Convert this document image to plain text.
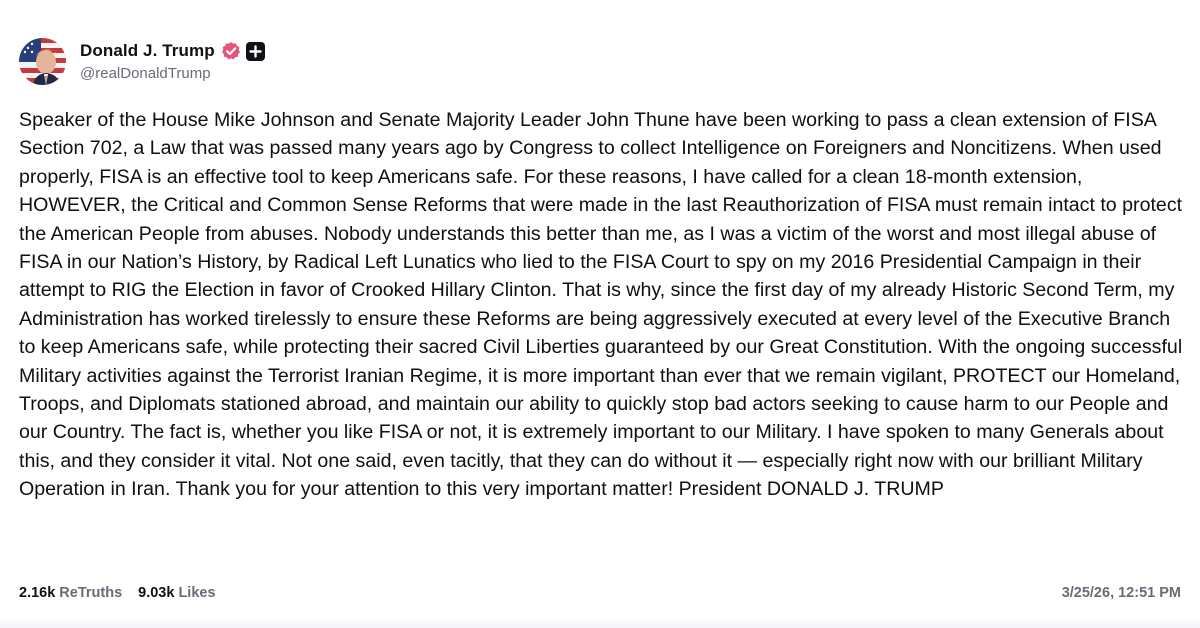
Donald J. Trump
@realDonaldTrump
Speaker of the House Mike Johnson and Senate Majority Leader John Thune have been working to pass a clean extension of FISA Section 702, a Law that was passed many years ago by Congress to collect Intelligence on Foreigners and Noncitizens. When used properly, FISA is an effective tool to keep Americans safe. For these reasons, I have called for a clean 18-month extension, HOWEVER, the Critical and Common Sense Reforms that were made in the last Reauthorization of FISA must remain intact to protect the American People from abuses. Nobody understands this better than me, as I was a victim of the worst and most illegal abuse of FISA in our Nation’s History, by Radical Left Lunatics who lied to the FISA Court to spy on my 2016 Presidential Campaign in their attempt to RIG the Election in favor of Crooked Hillary Clinton. That is why, since the first day of my already Historic Second Term, my Administration has worked tirelessly to ensure these Reforms are being aggressively executed at every level of the Executive Branch to keep Americans safe, while protecting their sacred Civil Liberties guaranteed by our Great Constitution. With the ongoing successful Military activities against the Terrorist Iranian Regime, it is more important than ever that we remain vigilant, PROTECT our Homeland, Troops, and Diplomats stationed abroad, and maintain our ability to quickly stop bad actors seeking to cause harm to our People and our Country. The fact is, whether you like FISA or not, it is extremely important to our Military. I have spoken to many Generals about this, and they consider it vital. Not one said, even tacitly, that they can do without it — especially right now with our brilliant Military Operation in Iran. Thank you for your attention to this very important matter! President DONALD J. TRUMP
2.16k ReTruths 9.03k Likes	3/25/26, 12:51 PM
